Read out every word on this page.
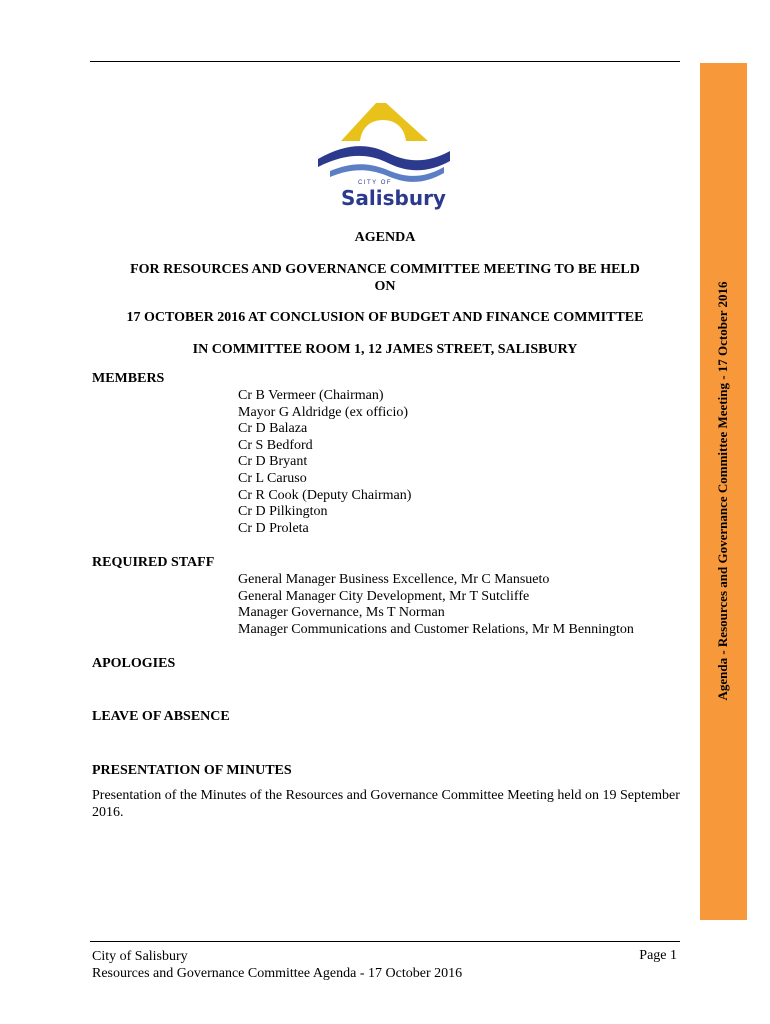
Agenda - Resources and Governance Committee Meeting - 17 October 2016
CITY OF
Salisbury
AGENDA
FOR RESOURCES AND GOVERNANCE COMMITTEE MEETING TO BE HELD
ON
17 OCTOBER 2016 AT CONCLUSION OF BUDGET AND FINANCE COMMITTEE
IN COMMITTEE ROOM 1, 12 JAMES STREET, SALISBURY
MEMBERS
Cr B Vermeer (Chairman)
Mayor G Aldridge (ex officio)
Cr D Balaza
Cr S Bedford
Cr D Bryant
Cr L Caruso
Cr R Cook (Deputy Chairman)
Cr D Pilkington
Cr D Proleta
REQUIRED STAFF
General Manager Business Excellence, Mr C Mansueto
General Manager City Development, Mr T Sutcliffe
Manager Governance, Ms T Norman
Manager Communications and Customer Relations, Mr M Bennington
APOLOGIES
LEAVE OF ABSENCE
PRESENTATION OF MINUTES
Presentation of the Minutes of the Resources and Governance Committee Meeting held on 19 September 2016.
City of Salisbury
Resources and Governance Committee Agenda - 17 October 2016
Page 1
